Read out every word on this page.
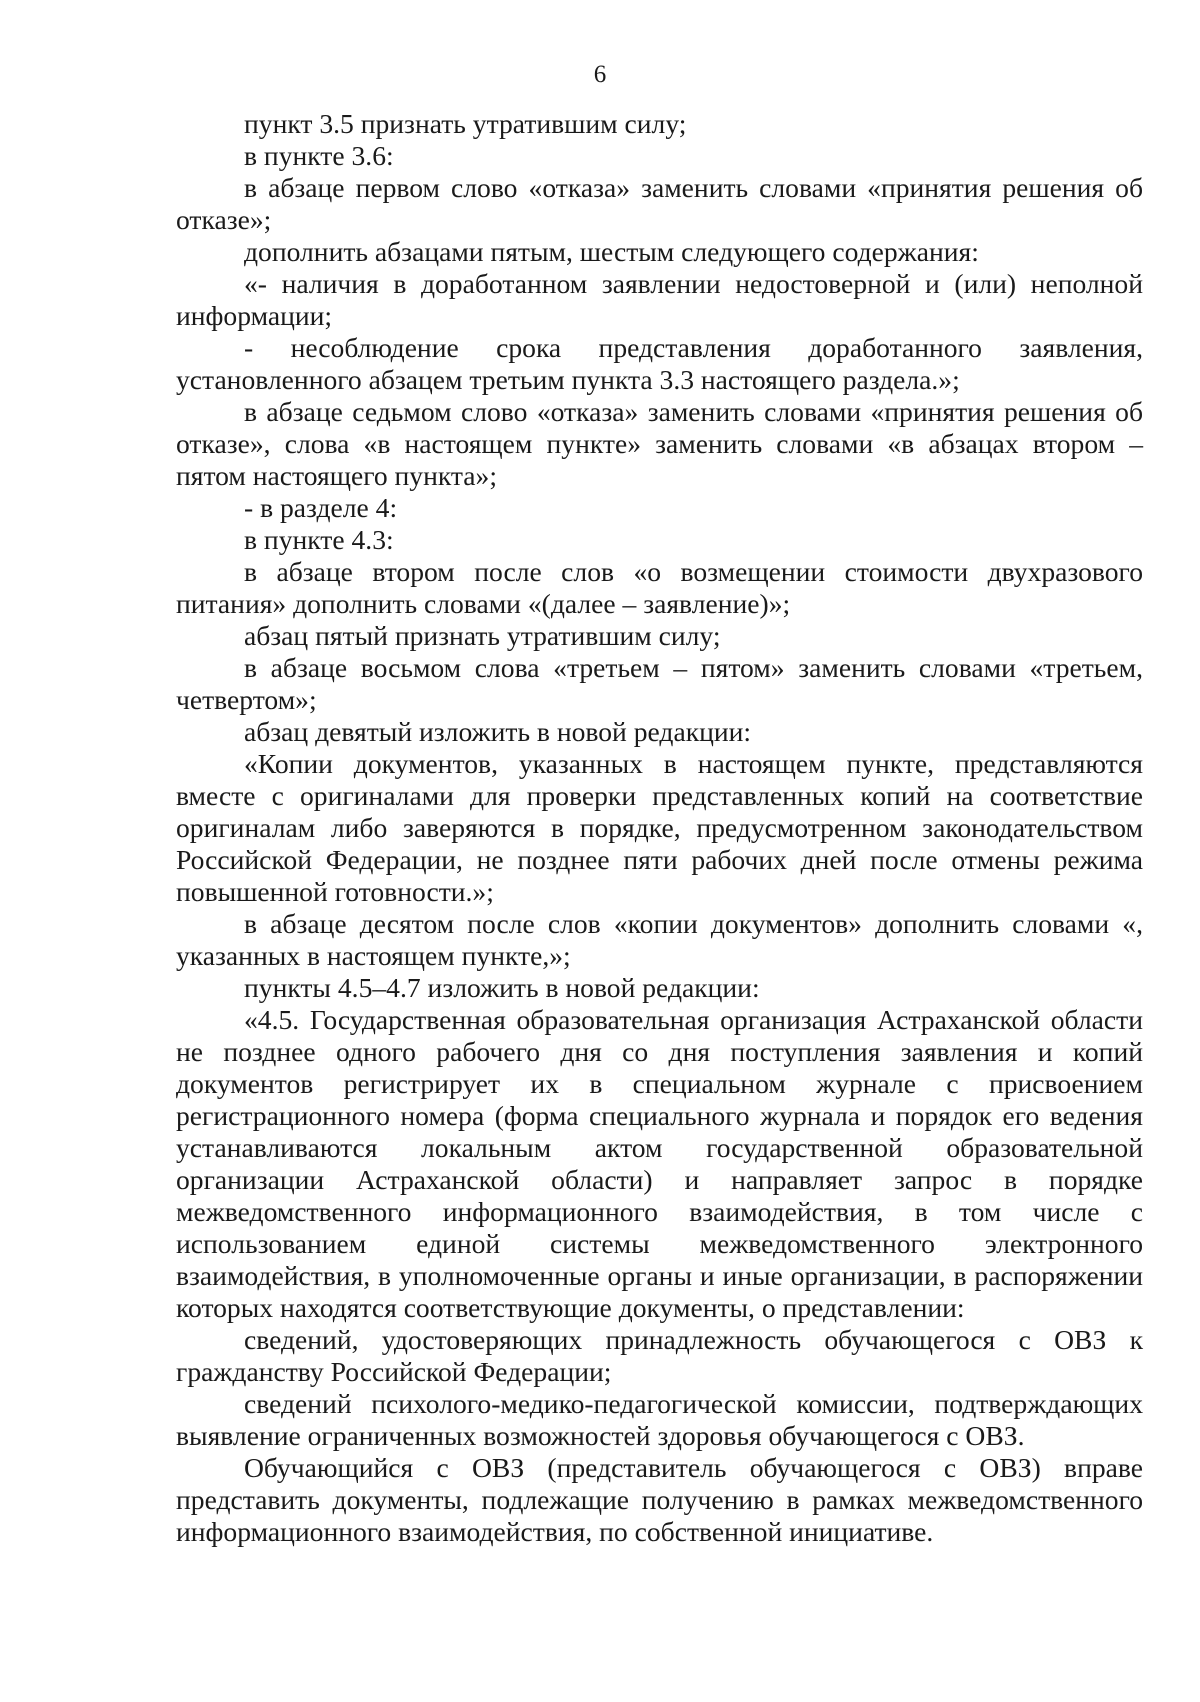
6

пункт 3.5 признать утратившим силу;

в пункте 3.6:

в абзаце первом слово «отказа» заменить словами «принятия решения об отказе»;

дополнить абзацами пятым, шестым следующего содержания:

«- наличия в доработанном заявлении недостоверной и (или) неполной информации;

- несоблюдение срока представления доработанного заявления, установленного абзацем третьим пункта 3.3 настоящего раздела.»;

в абзаце седьмом слово «отказа» заменить словами «принятия решения об отказе», слова «в настоящем пункте» заменить словами «в абзацах втором – пятом настоящего пункта»;

- в разделе 4:

в пункте 4.3:

в абзаце втором после слов «о возмещении стоимости двухразового питания» дополнить словами «(далее – заявление)»;

абзац пятый признать утратившим силу;

в абзаце восьмом слова «третьем – пятом» заменить словами «третьем, четвертом»;

абзац девятый изложить в новой редакции:

«Копии документов, указанных в настоящем пункте, представляются вместе с оригиналами для проверки представленных копий на соответствие оригиналам либо заверяются в порядке, предусмотренном законодательством Российской Федерации, не позднее пяти рабочих дней после отмены режима повышенной готовности.»;

в абзаце десятом после слов «копии документов» дополнить словами «, указанных в настоящем пункте,»;

пункты 4.5–4.7 изложить в новой редакции:

«4.5. Государственная образовательная организация Астраханской области не позднее одного рабочего дня со дня поступления заявления и копий документов регистрирует их в специальном журнале с присвоением регистрационного номера (форма специального журнала и порядок его ведения устанавливаются локальным актом государственной образовательной организации Астраханской области) и направляет запрос в порядке межведомственного информационного взаимодействия, в том числе с использованием единой системы межведомственного электронного взаимодействия, в уполномоченные органы и иные организации, в распоряжении которых находятся соответствующие документы, о представлении:

сведений, удостоверяющих принадлежность обучающегося с ОВЗ к гражданству Российской Федерации;

сведений психолого-медико-педагогической комиссии, подтверждающих выявление ограниченных возможностей здоровья обучающегося с ОВЗ.

Обучающийся с ОВЗ (представитель обучающегося с ОВЗ) вправе представить документы, подлежащие получению в рамках межведомственного информационного взаимодействия, по собственной инициативе.
